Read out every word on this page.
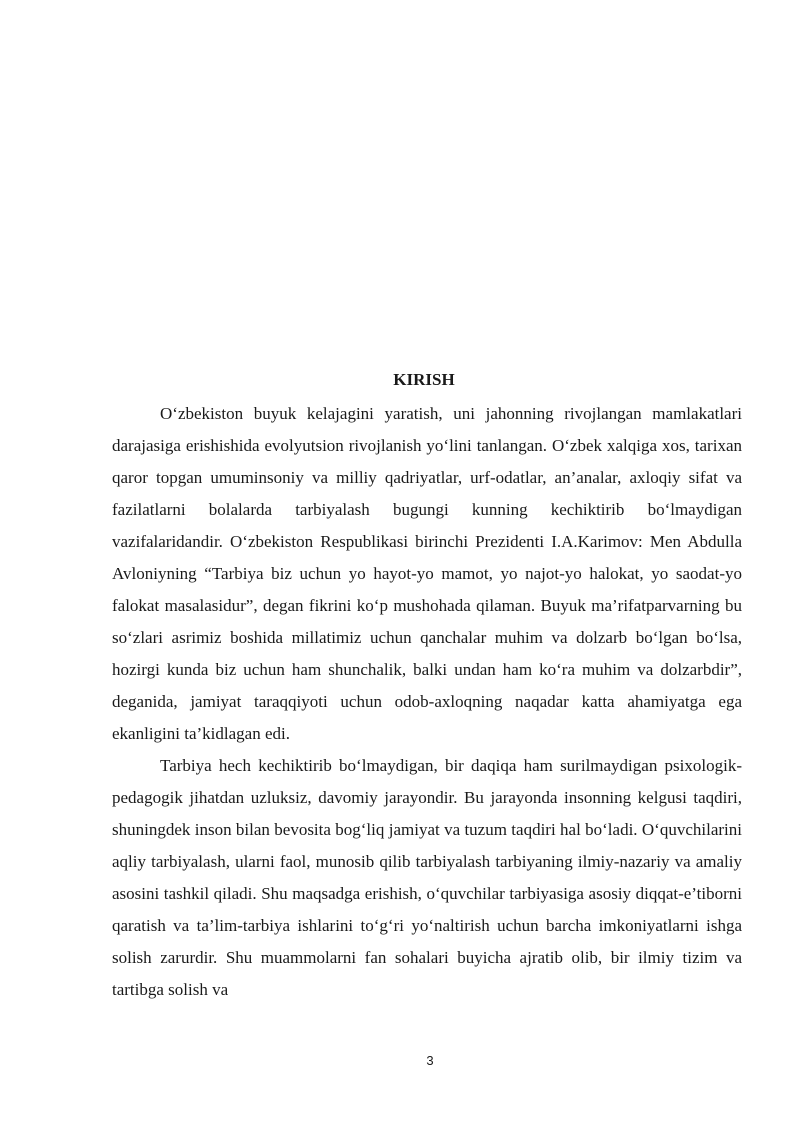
KIRISH

O‘zbekiston buyuk kelajagini yaratish, uni jahonning rivojlangan mamlakatlari darajasiga erishishida evolyutsion rivojlanish yo‘lini tanlangan. O‘zbek xalqiga xos, tarixan qaror topgan umuminsoniy va milliy qadriyatlar, urf-odatlar, an’analar, axloqiy sifat va fazilatlarni bolalarda tarbiyalash bugungi kunning kechiktirib bo‘lmaydigan vazifalaridandir. O‘zbekiston Respublikasi birinchi Prezidenti I.A.Karimov: Men Abdulla Avloniyning “Tarbiya biz uchun yo hayot-yo mamot, yo najot-yo halokat, yo saodat-yo falokat masalasidur”, degan fikrini ko‘p mushohada qilaman. Buyuk ma’rifatparvarning bu so‘zlari asrimiz boshida millatimiz uchun qanchalar muhim va dolzarb bo‘lgan bo‘lsa, hozirgi kunda biz uchun ham shunchalik, balki undan ham ko‘ra muhim va dolzarbdir”, deganida, jamiyat taraqqiyoti uchun odob-axloqning naqadar katta ahamiyatga ega ekanligini ta’kidlagan edi.

Tarbiya hech kechiktirib bo‘lmaydigan, bir daqiqa ham surilmaydigan psixologik-pedagogik jihatdan uzluksiz, davomiy jarayondir. Bu jarayonda insonning kelgusi taqdiri, shuningdek inson bilan bevosita bog‘liq jamiyat va tuzum taqdiri hal bo‘ladi. O‘quvchilarini aqliy tarbiyalash, ularni faol, munosib qilib tarbiyalash tarbiyaning ilmiy-nazariy va amaliy asosini tashkil qiladi. Shu maqsadga erishish, o‘quvchilar tarbiyasiga asosiy diqqat-e’tiborni qaratish va ta’lim-tarbiya ishlarini to‘g‘ri yo‘naltirish uchun barcha imkoniyatlarni ishga solish zarurdir. Shu muammolarni fan sohalari buyicha ajratib olib, bir ilmiy tizim va tartibga solish va

3
